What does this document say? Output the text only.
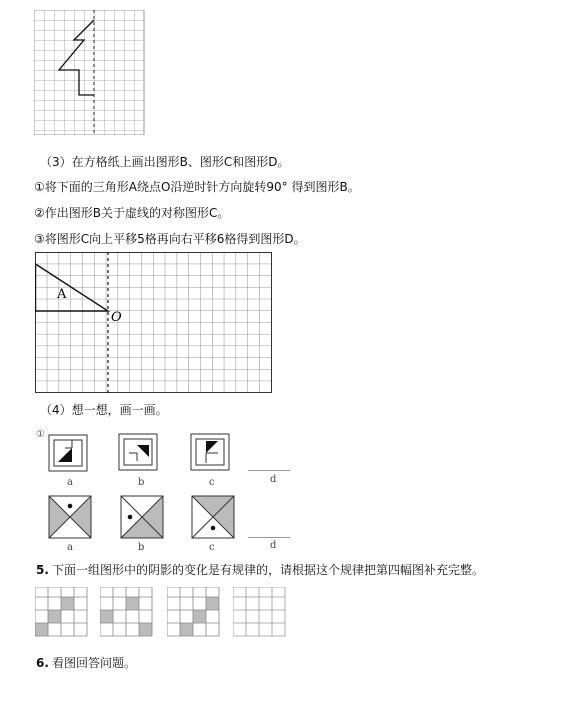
（3）在方格纸上画出图形B、图形C和图形D。
①将下面的三角形A绕点O沿逆时针方向旋转90° 得到图形B。
②作出图形B关于虚线的对称图形C。
③将图形C向上平移5格再向右平移6格得到图形D。
A
O
（4）想一想，画一画。
①
a	b	c	d
a	b	c	d
5. 下面一组图形中的阴影的变化是有规律的，请根据这个规律把第四幅图补充完整。
6. 看图回答问题。
